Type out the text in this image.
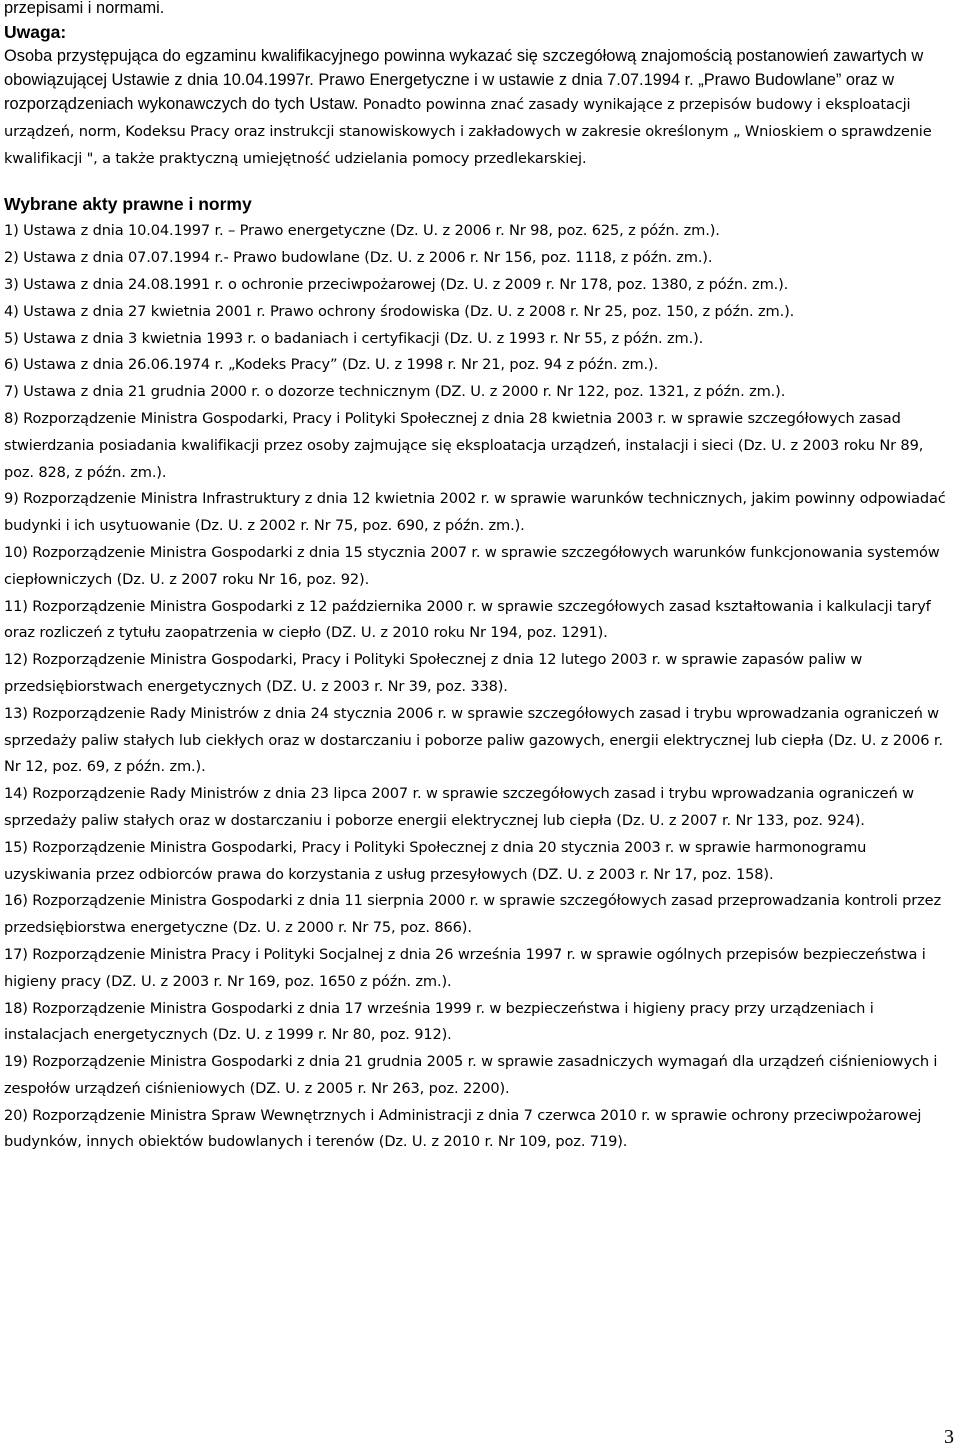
przepisami i normami.
Uwaga:

Osoba przystępująca do egzaminu kwalifikacyjnego powinna wykazać się szczegółową znajomością postanowień zawartych w obowiązującej Ustawie z dnia 10.04.1997r. Prawo Energetyczne i w ustawie z dnia 7.07.1994 r. „Prawo Budowlane” oraz w rozporządzeniach wykonawczych do tych Ustaw. Ponadto powinna znać zasady wynikające z przepisów budowy i eksploatacji urządzeń, norm, Kodeksu Pracy oraz instrukcji stanowiskowych i zakładowych w zakresie określonym „ Wnioskiem o sprawdzenie kwalifikacji ", a także praktyczną umiejętność udzielania pomocy przedlekarskiej.

Wybrane akty prawne i normy
1) Ustawa z dnia 10.04.1997 r. – Prawo energetyczne (Dz. U. z 2006 r. Nr 98, poz. 625, z późn. zm.).
2) Ustawa z dnia 07.07.1994 r.- Prawo budowlane (Dz. U. z 2006 r. Nr 156, poz. 1118, z późn. zm.).
3) Ustawa z dnia 24.08.1991 r. o ochronie przeciwpożarowej (Dz. U. z 2009 r. Nr 178, poz. 1380, z późn. zm.).
4) Ustawa z dnia 27 kwietnia 2001 r. Prawo ochrony środowiska (Dz. U. z 2008 r. Nr 25, poz. 150, z późn. zm.).
5) Ustawa z dnia 3 kwietnia 1993 r. o badaniach i certyfikacji (Dz. U. z 1993 r. Nr 55, z późn. zm.).
6) Ustawa z dnia 26.06.1974 r. „Kodeks Pracy” (Dz. U. z 1998 r. Nr 21, poz. 94 z późn. zm.).
7) Ustawa z dnia 21 grudnia 2000 r. o dozorze technicznym (DZ. U. z 2000 r. Nr 122, poz. 1321, z późn. zm.).
8) Rozporządzenie Ministra Gospodarki, Pracy i Polityki Społecznej z dnia 28 kwietnia 2003 r. w sprawie szczegółowych zasad stwierdzania posiadania kwalifikacji przez osoby zajmujące się eksploatacja urządzeń, instalacji i sieci (Dz. U. z 2003 roku Nr 89, poz. 828, z późn. zm.).
9) Rozporządzenie Ministra Infrastruktury z dnia 12 kwietnia 2002 r. w sprawie warunków technicznych, jakim powinny odpowiadać budynki i ich usytuowanie (Dz. U. z 2002 r. Nr 75, poz. 690, z późn. zm.).
10) Rozporządzenie Ministra Gospodarki z dnia 15 stycznia 2007 r. w sprawie szczegółowych warunków funkcjonowania systemów ciepłowniczych (Dz. U. z 2007 roku Nr 16, poz. 92).
11) Rozporządzenie Ministra Gospodarki z 12 października 2000 r. w sprawie szczegółowych zasad kształtowania i kalkulacji taryf oraz rozliczeń z tytułu zaopatrzenia w ciepło (DZ. U. z 2010 roku Nr 194, poz. 1291).
12) Rozporządzenie Ministra Gospodarki, Pracy i Polityki Społecznej z dnia 12 lutego 2003 r. w sprawie zapasów paliw w przedsiębiorstwach energetycznych (DZ. U. z 2003 r. Nr 39, poz. 338).
13) Rozporządzenie Rady Ministrów z dnia 24 stycznia 2006 r. w sprawie szczegółowych zasad i trybu wprowadzania ograniczeń w sprzedaży paliw stałych lub ciekłych oraz w dostarczaniu i poborze paliw gazowych, energii elektrycznej lub ciepła (Dz. U. z 2006 r. Nr 12, poz. 69, z późn. zm.).
14) Rozporządzenie Rady Ministrów z dnia 23 lipca 2007 r. w sprawie szczegółowych zasad i trybu wprowadzania ograniczeń w sprzedaży paliw stałych oraz w dostarczaniu i poborze energii elektrycznej lub ciepła (Dz. U. z 2007 r. Nr 133, poz. 924).
15) Rozporządzenie Ministra Gospodarki, Pracy i Polityki Społecznej z dnia 20 stycznia 2003 r. w sprawie harmonogramu uzyskiwania przez odbiorców prawa do korzystania z usług przesyłowych (DZ. U. z 2003 r. Nr 17, poz. 158).
16) Rozporządzenie Ministra Gospodarki z dnia 11 sierpnia 2000 r. w sprawie szczegółowych zasad przeprowadzania kontroli przez przedsiębiorstwa energetyczne (Dz. U. z 2000 r. Nr 75, poz. 866).
17) Rozporządzenie Ministra Pracy i Polityki Socjalnej z dnia 26 września 1997 r. w sprawie ogólnych przepisów bezpieczeństwa i higieny pracy (DZ. U. z 2003 r. Nr 169, poz. 1650 z późn. zm.).
18) Rozporządzenie Ministra Gospodarki z dnia 17 września 1999 r. w bezpieczeństwa i higieny pracy przy urządzeniach i instalacjach energetycznych (Dz. U. z 1999 r. Nr 80, poz. 912).
19) Rozporządzenie Ministra Gospodarki z dnia 21 grudnia 2005 r. w sprawie zasadniczych wymagań dla urządzeń ciśnieniowych i zespołów urządzeń ciśnieniowych (DZ. U. z 2005 r. Nr 263, poz. 2200).
20) Rozporządzenie Ministra Spraw Wewnętrznych i Administracji z dnia 7 czerwca 2010 r. w sprawie ochrony przeciwpożarowej budynków, innych obiektów budowlanych i terenów (Dz. U. z 2010 r. Nr 109, poz. 719).
3
